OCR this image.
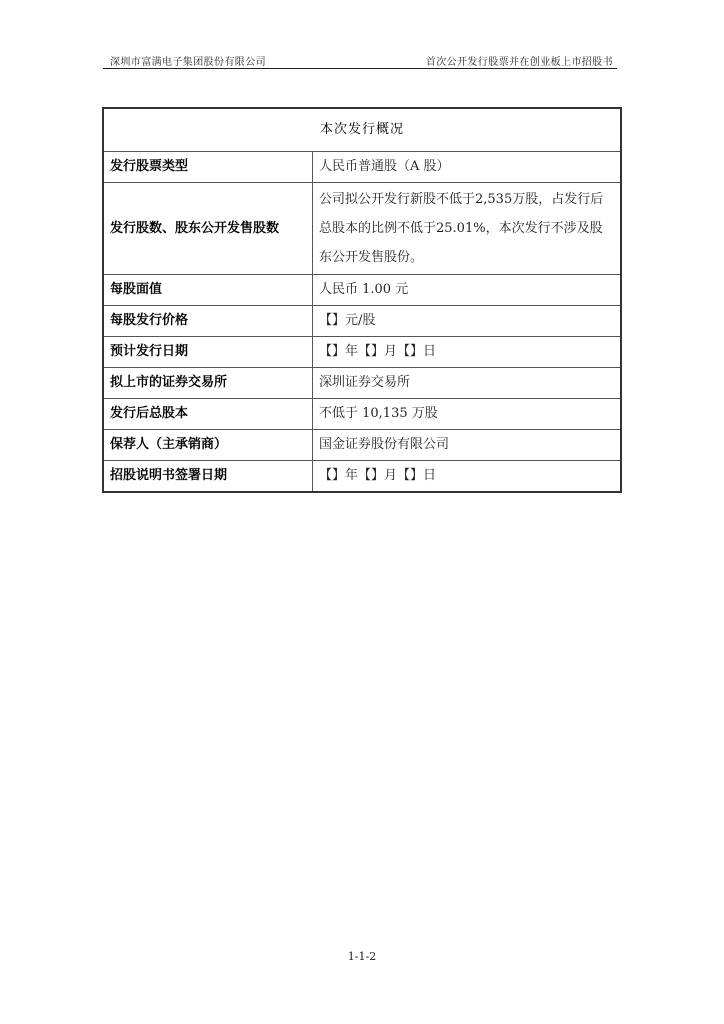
深圳市富满电子集团股份有限公司	首次公开发行股票并在创业板上市招股书
本次发行概况	
发行股票类型	人民币普通股（A 股）
发行股数、股东公开发售股数	公司拟公开发行新股不低于2,535万股，占发行后总股本的比例不低于25.01%，本次发行不涉及股东公开发售股份。
每股面值	人民币 1.00 元
每股发行价格	【】元/股
预计发行日期	【】年【】月【】日
拟上市的证券交易所	深圳证券交易所
发行后总股本	不低于 10,135 万股
保荐人（主承销商）	国金证券股份有限公司
招股说明书签署日期	【】年【】月【】日
1-1-2
